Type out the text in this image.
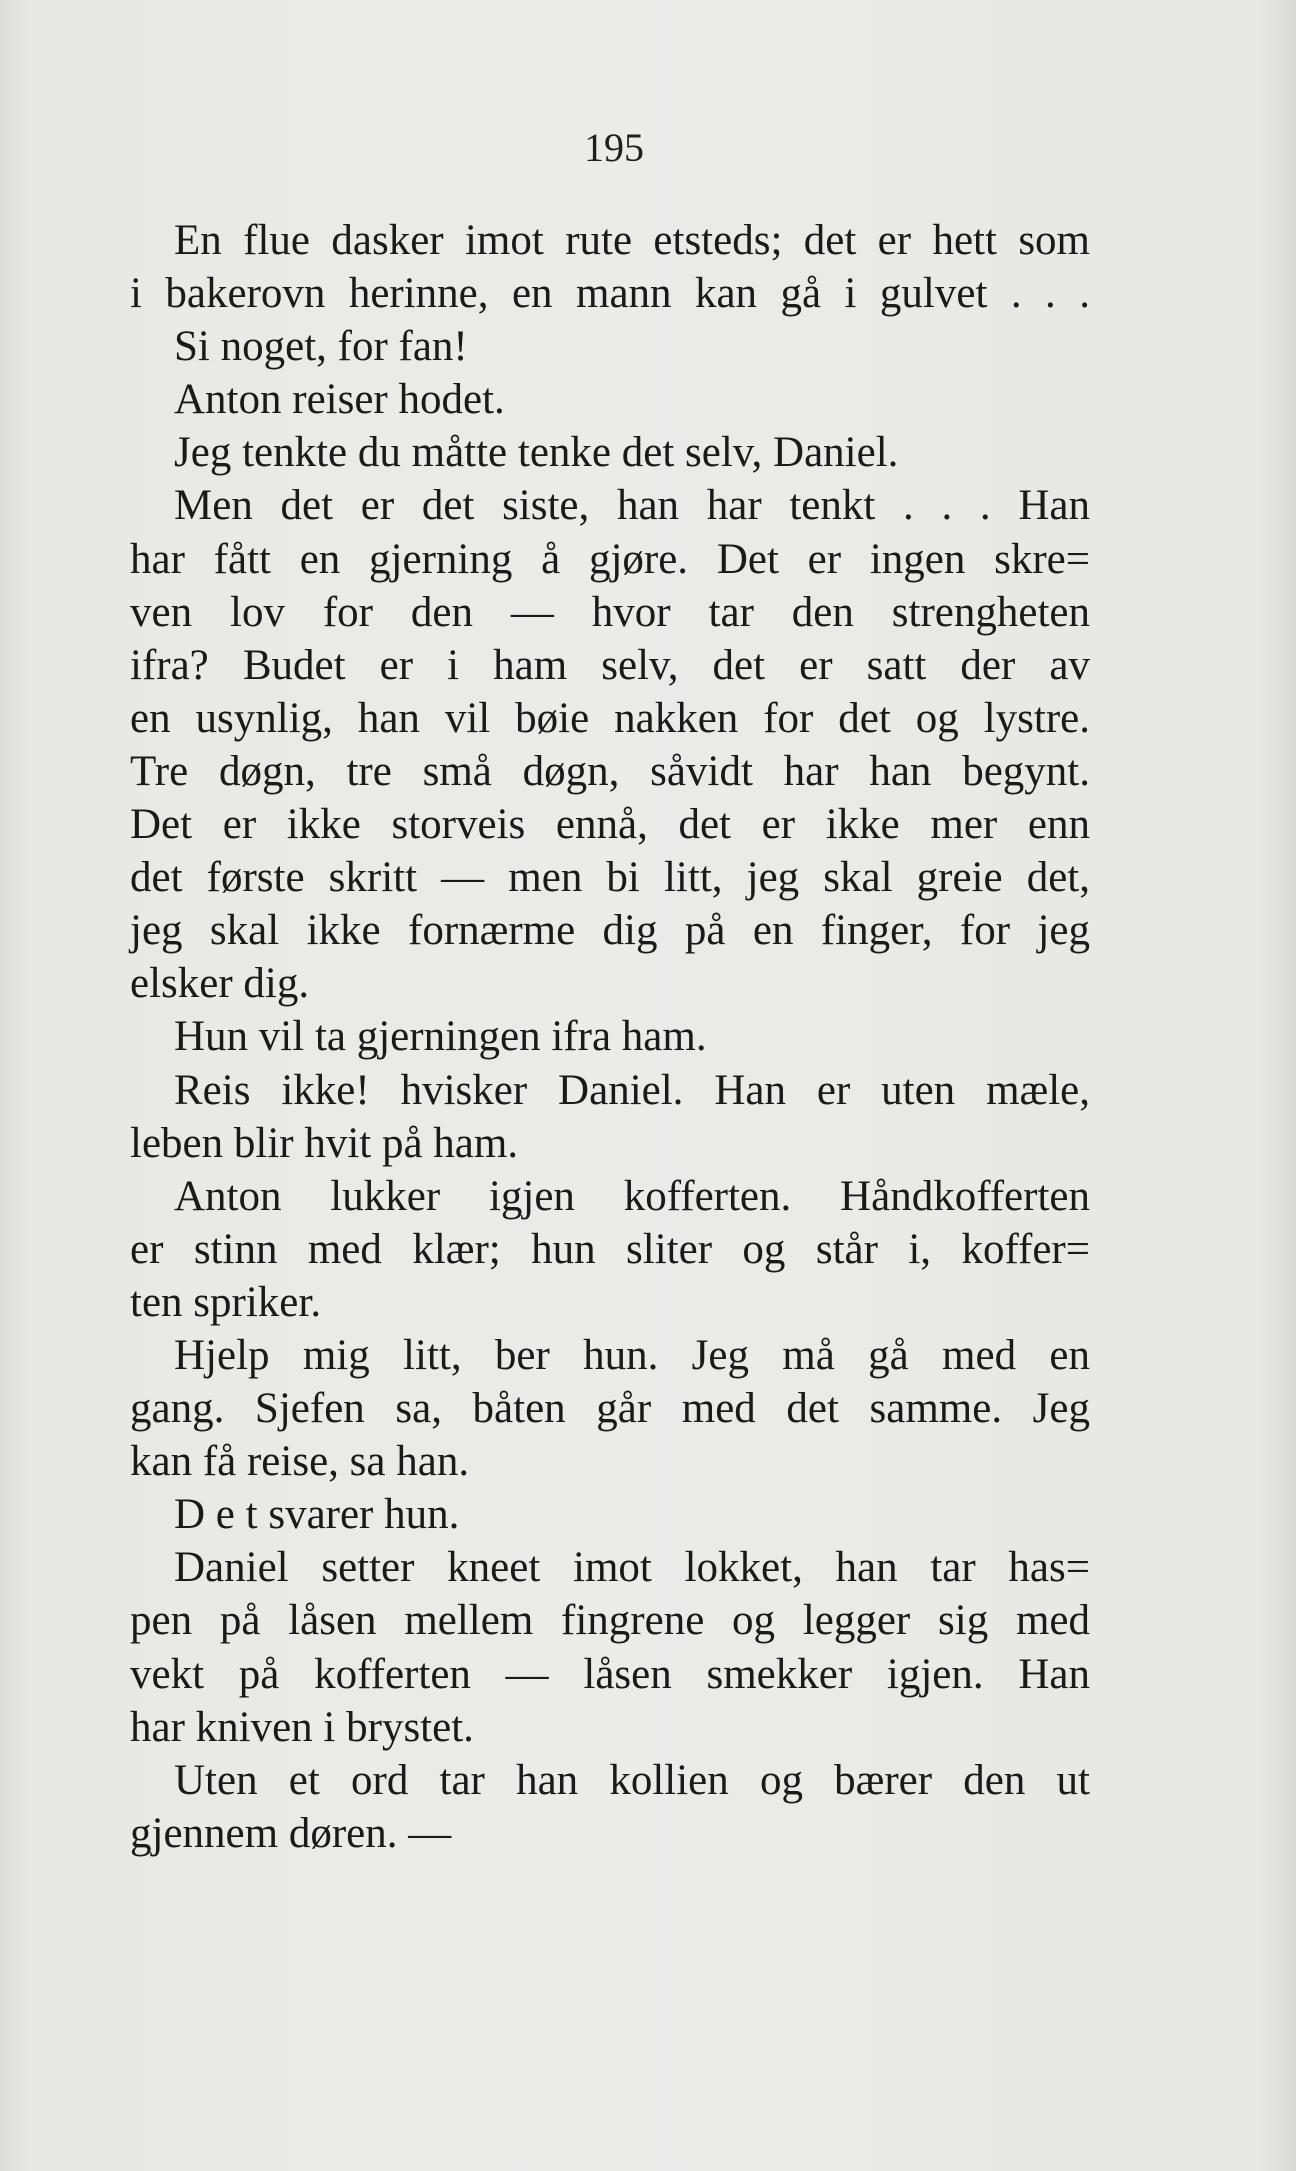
195

En flue dasker imot rute etsteds; det er hett som
i bakerovn herinne, en mann kan gå i gulvet . . .
Si noget, for fan!
Anton reiser hodet.
Jeg tenkte du måtte tenke det selv, Daniel.
Men det er det siste, han har tenkt . . . Han
har fått en gjerning å gjøre. Det er ingen skre=
ven lov for den — hvor tar den strengheten
ifra? Budet er i ham selv, det er satt der av
en usynlig, han vil bøie nakken for det og lystre.
Tre døgn, tre små døgn, såvidt har han begynt.
Det er ikke storveis ennå, det er ikke mer enn
det første skritt — men bi litt, jeg skal greie det,
jeg skal ikke fornærme dig på en finger, for jeg
elsker dig.
Hun vil ta gjerningen ifra ham.
Reis ikke! hvisker Daniel. Han er uten mæle,
leben blir hvit på ham.
Anton lukker igjen kofferten. Håndkofferten
er stinn med klær; hun sliter og står i, koffer=
ten spriker.
Hjelp mig litt, ber hun. Jeg må gå med en
gang. Sjefen sa, båten går med det samme. Jeg
kan få reise, sa han.
D e t svarer hun.
Daniel setter kneet imot lokket, han tar has=
pen på låsen mellem fingrene og legger sig med
vekt på kofferten — låsen smekker igjen. Han
har kniven i brystet.
Uten et ord tar han kollien og bærer den ut
gjennem døren. —
